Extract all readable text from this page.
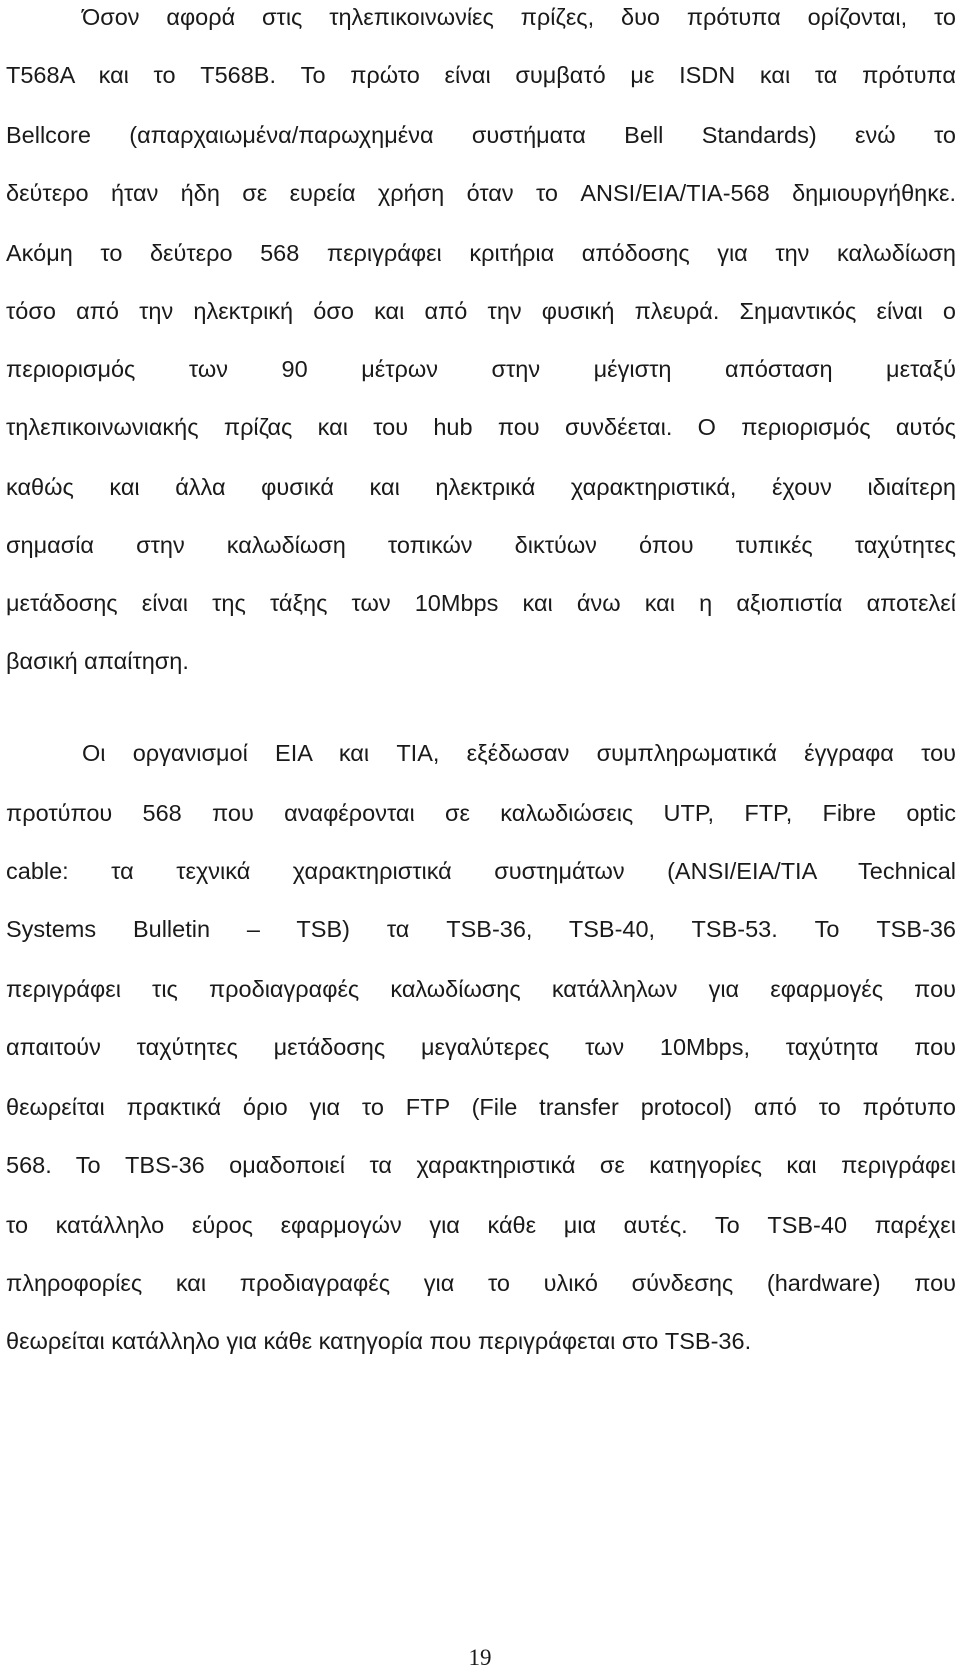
Όσον αφορά στις τηλεπικοινωνίες πρίζες, δυο πρότυπα ορίζονται, το
T568A και το T568B. Το πρώτο είναι συμβατό με ISDN και τα πρότυπα
Bellcore (απαρχαιωμένα/παρωχημένα συστήματα Bell Standards) ενώ το
δεύτερο ήταν ήδη σε ευρεία χρήση όταν το ANSI/EIA/TIA-568 δημιουργήθηκε.
Ακόμη το δεύτερο 568 περιγράφει κριτήρια απόδοσης για την καλωδίωση
τόσο από την ηλεκτρική όσο και από την φυσική πλευρά. Σημαντικός είναι ο
περιορισμός των 90 μέτρων στην μέγιστη απόσταση μεταξύ
τηλεπικοινωνιακής πρίζας και του hub που συνδέεται. Ο περιορισμός αυτός
καθώς και άλλα φυσικά και ηλεκτρικά χαρακτηριστικά, έχουν ιδιαίτερη
σημασία στην καλωδίωση τοπικών δικτύων όπου τυπικές ταχύτητες
μετάδοσης είναι της τάξης των 10Mbps και άνω και η αξιοπιστία αποτελεί
βασική απαίτηση.
Οι οργανισμοί EIA και TIA, εξέδωσαν συμπληρωματικά έγγραφα του
προτύπου 568 που αναφέρονται σε καλωδιώσεις UTP, FTP, Fibre optic
cable: τα τεχνικά χαρακτηριστικά συστημάτων (ANSI/EIA/TIA Technical
Systems Bulletin – TSB) τα TSB-36, TSB-40, TSB-53. Το TSB-36
περιγράφει τις προδιαγραφές καλωδίωσης κατάλληλων για εφαρμογές που
απαιτούν ταχύτητες μετάδοσης μεγαλύτερες των 10Mbps, ταχύτητα που
θεωρείται πρακτικά όριο για το FTP (File transfer protocol) από το πρότυπο
568. Το TBS-36 ομαδοποιεί τα χαρακτηριστικά σε κατηγορίες και περιγράφει
το κατάλληλο εύρος εφαρμογών για κάθε μια αυτές. Το TSB-40 παρέχει
πληροφορίες και προδιαγραφές για το υλικό σύνδεσης (hardware) που
θεωρείται κατάλληλο για κάθε κατηγορία που περιγράφεται στο TSB-36.
19
